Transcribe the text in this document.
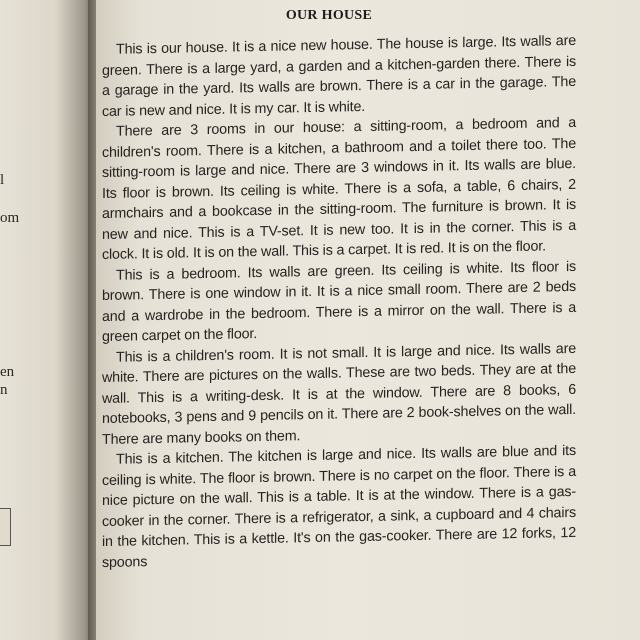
l
om
en
n
OUR HOUSE
This is our house. It is a nice new house. The house is large. Its walls are green. There is a large yard, a garden and a kitchen-garden there. There is a garage in the yard. Its walls are brown. There is a car in the garage. The car is new and nice. It is my car. It is white.
There are 3 rooms in our house: a sitting-room, a bedroom and a children's room. There is a kitchen, a bathroom and a toilet there too. The sitting-room is large and nice. There are 3 windows in it. Its walls are blue. Its floor is brown. Its ceiling is white. There is a sofa, a table, 6 chairs, 2 armchairs and a bookcase in the sitting-room. The furniture is brown. It is new and nice. This is a TV-set. It is new too. It is in the corner. This is a clock. It is old. It is on the wall. This is a carpet. It is red. It is on the floor.
This is a bedroom. Its walls are green. Its ceiling is white. Its floor is brown. There is one window in it. It is a nice small room. There are 2 beds and a wardrobe in the bedroom. There is a mirror on the wall. There is a green carpet on the floor.
This is a children's room. It is not small. It is large and nice. Its walls are white. There are pictures on the walls. These are two beds. They are at the wall. This is a writing-desk. It is at the window. There are 8 books, 6 notebooks, 3 pens and 9 pencils on it. There are 2 book-shelves on the wall. There are many books on them.
This is a kitchen. The kitchen is large and nice. Its walls are blue and its ceiling is white. The floor is brown. There is no carpet on the floor. There is a nice picture on the wall. This is a table. It is at the window. There is a gas-cooker in the corner. There is a refrigerator, a sink, a cupboard and 4 chairs in the kitchen. This is a kettle. It's on the gas-cooker. There are 12 forks, 12 spoons
